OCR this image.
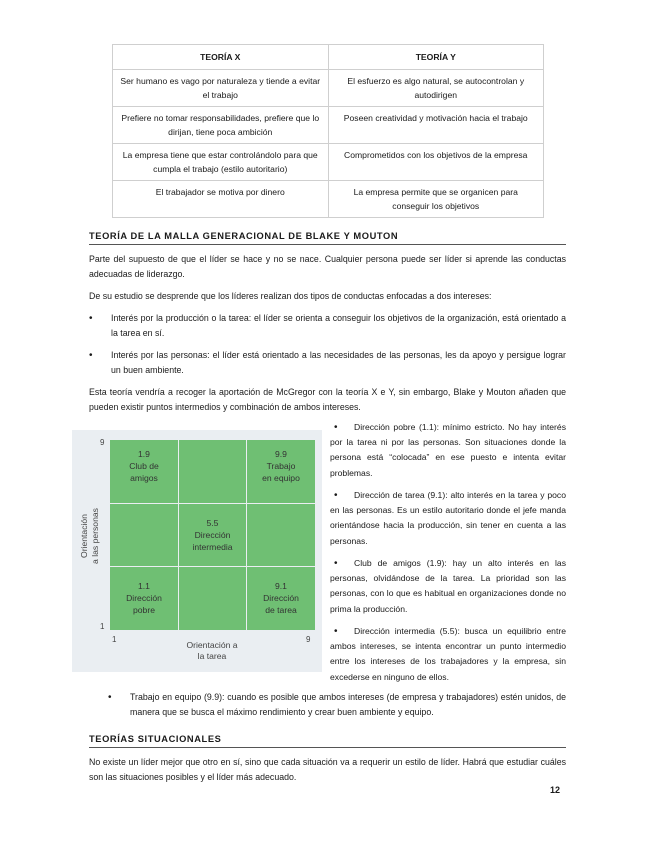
TEORÍA X	TEORÍA Y
Ser humano es vago por naturaleza y tiende a evitar el trabajo	El esfuerzo es algo natural, se autocontrolan y autodirigen
Prefiere no tomar responsabilidades, prefiere que lo dirijan, tiene poca ambición	Poseen creatividad y motivación hacia el trabajo
La empresa tiene que estar controlándolo para que cumpla el trabajo (estilo autoritario)	Comprometidos con los objetivos de la empresa
El trabajador se motiva por dinero	La empresa permite que se organicen para conseguir los objetivos
TEORÍA DE LA MALLA GENERACIONAL DE BLAKE Y MOUTON
Parte del supuesto de que el líder se hace y no se nace. Cualquier persona puede ser líder si aprende las conductas adecuadas de liderazgo.
De su estudio se desprende que los líderes realizan dos tipos de conductas enfocadas a dos intereses:
•	Interés por la producción o la tarea: el líder se orienta a conseguir los objetivos de la organización, está orientado a la tarea en sí.
•	Interés por las personas: el líder está orientado a las necesidades de las personas, les da apoyo y persigue lograr un buen ambiente.
Esta teoría vendría a recoger la aportación de McGregor con la teoría X e Y, sin embargo, Blake y Mouton añaden que pueden existir puntos intermedios y combinación de ambos intereses.
Orientación
a las personas
9
1
1.9
Club de
amigos
9.9
Trabajo
en equipo
5.5
Dirección
intermedia
1.1
Dirección
pobre
9.1
Dirección
de tarea
1	9
Orientación a
la tarea
•	Dirección pobre (1.1): mínimo estricto. No hay interés por la tarea ni por las personas. Son situaciones donde la persona está “colocada” en ese puesto e intenta evitar problemas.
•	Dirección de tarea (9.1): alto interés en la tarea y poco en las personas. Es un estilo autoritario donde el jefe manda orientándose hacia la producción, sin tener en cuenta a las personas.
•	Club de amigos (1.9): hay un alto interés en las personas, olvidándose de la tarea. La prioridad son las personas, con lo que es habitual en organizaciones donde no prima la producción.
•	Dirección intermedia (5.5): busca un equilibrio entre ambos intereses, se intenta encontrar un punto intermedio entre los intereses de los trabajadores y la empresa, sin excederse en ninguno de ellos.
•	Trabajo en equipo (9.9): cuando es posible que ambos intereses (de empresa y trabajadores) estén unidos, de manera que se busca el máximo rendimiento y crear buen ambiente y equipo.
TEORÍAS SITUACIONALES
No existe un líder mejor que otro en sí, sino que cada situación va a requerir un estilo de líder. Habrá que estudiar cuáles son las situaciones posibles y el líder más adecuado.
12
